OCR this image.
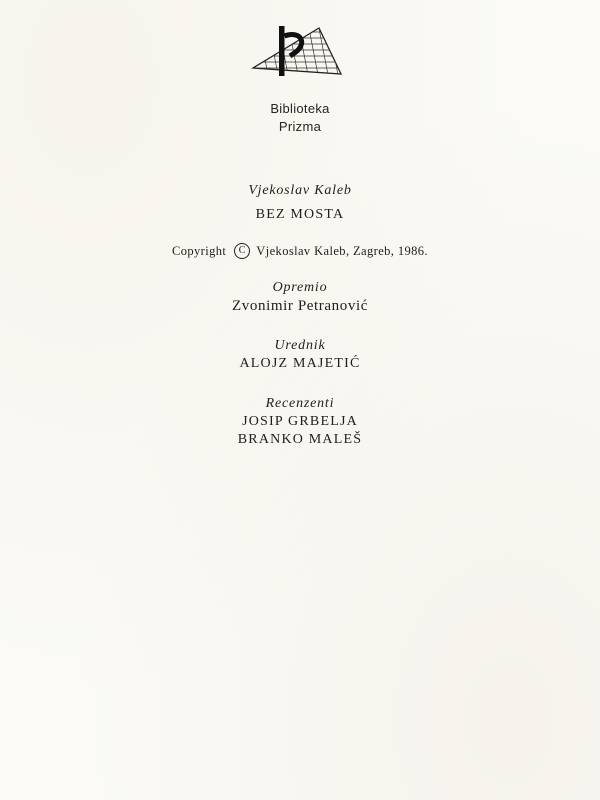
Biblioteka
Prizma
Vjekoslav Kaleb
BEZ MOSTA
Copyright C Vjekoslav Kaleb, Zagreb, 1986.
Opremio
Zvonimir Petranović
Urednik
ALOJZ MAJETIĆ
Recenzenti
JOSIP GRBELJA
BRANKO MALEŠ
